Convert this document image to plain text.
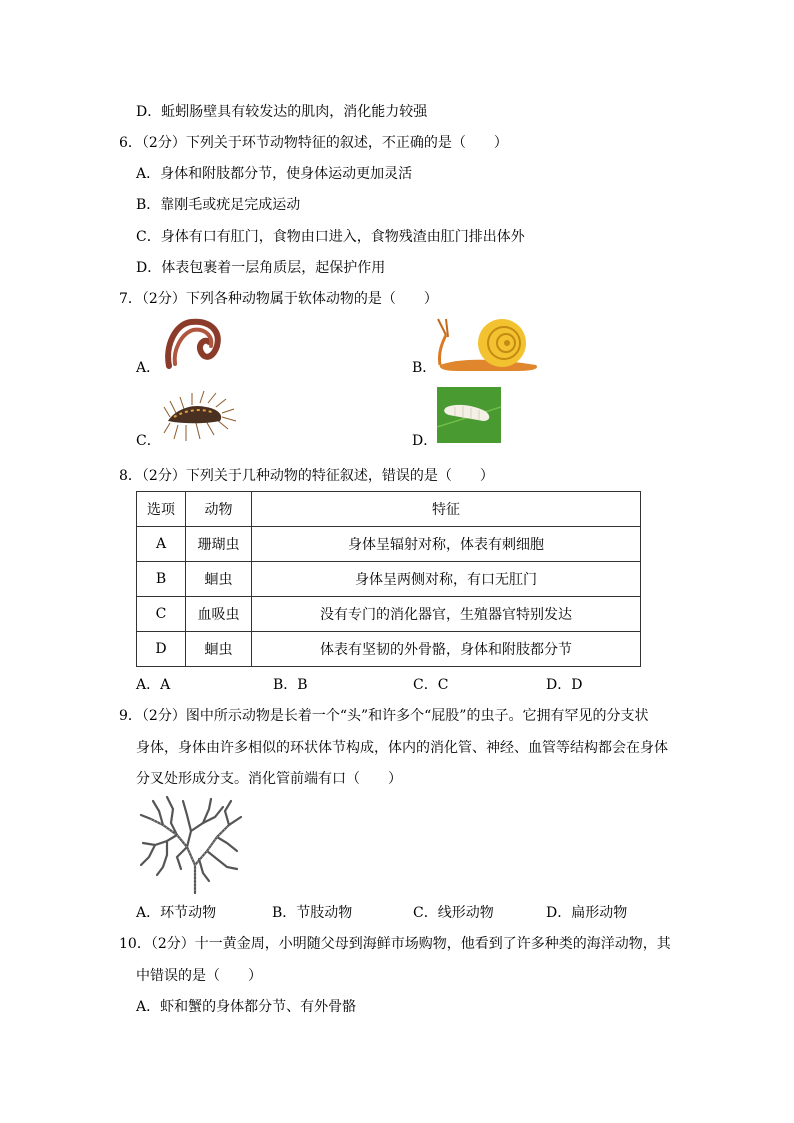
D．蚯蚓肠壁具有较发达的肌肉，消化能力较强
6．（2分）下列关于环节动物特征的叙述，不正确的是（　　）
A．身体和附肢都分节，使身体运动更加灵活
B．靠刚毛或疣足完成运动
C．身体有口有肛门，食物由口进入，食物残渣由肛门排出体外
D．体表包裹着一层角质层，起保护作用
7．（2分）下列各种动物属于软体动物的是（　　）
A．	B．
C．	D．
8．（2分）下列关于几种动物的特征叙述，错误的是（　　）
选项	动物	特征
A	珊瑚虫	身体呈辐射对称，体表有刺细胞
B	蛔虫	身体呈两侧对称，有口无肛门
C	血吸虫	没有专门的消化器官，生殖器官特别发达
D	蛔虫	体表有坚韧的外骨骼，身体和附肢都分节
A．A	B．B	C．C	D．D
9．（2分）图中所示动物是长着一个“头”和许多个“屁股”的虫子。它拥有罕见的分支状
身体，身体由许多相似的环状体节构成，体内的消化管、神经、血管等结构都会在身体
分叉处形成分支。消化管前端有口（　　）
A．环节动物	B．节肢动物	C．线形动物	D．扁形动物
10．（2分）十一黄金周，小明随父母到海鲜市场购物，他看到了许多种类的海洋动物，其
中错误的是（　　）
A．虾和蟹的身体都分节、有外骨骼
